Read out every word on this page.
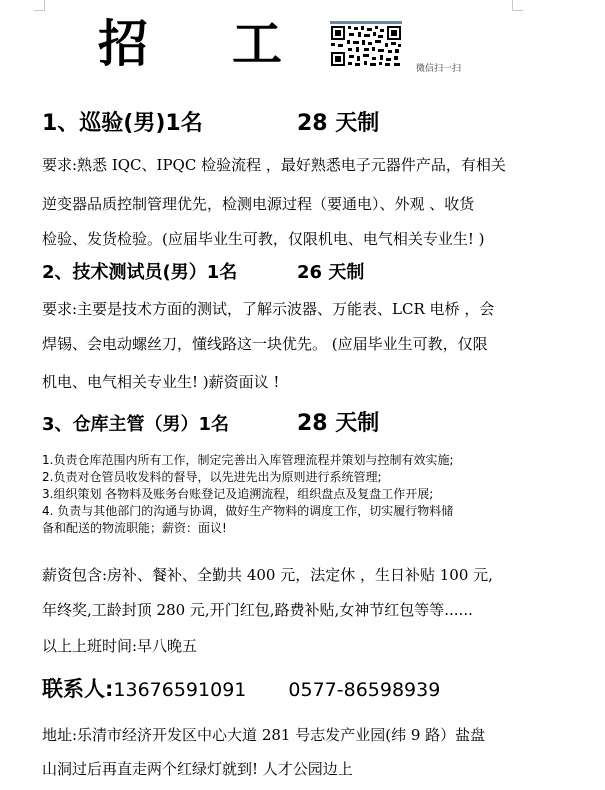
招 工	微信扫一扫
1、巡验(男)1名	28 天制
要求:熟悉 IQC、IPQC 检验流程 ，最好熟悉电子元器件产品，有相关
逆变器品质控制管理优先，检测电源过程（要通电）、外观 、收货
检验、发货检验。(应届毕业生可教，仅限机电、电气相关专业生! )
2、技术测试员(男）1名	26 天制
要求:主要是技术方面的测试，了解示波器、万能表、LCR 电桥 ，会
焊锡、会电动螺丝刀，懂线路这一块优先。 (应届毕业生可教，仅限
机电、电气相关专业生! )薪资面议 !
3、仓库主管（男）1名	28 天制
1.负责仓库范围内所有工作，制定完善出入库管理流程并策划与控制有效实施;
2.负责对仓管员收发料的督导，以先进先出为原则进行系统管理;
3.组织策划 各物料及账务台账登记及追溯流程，组织盘点及复盘工作开展;
4. 负责与其他部门的沟通与协调，做好生产物料的调度工作，切实履行物料储
备和配送的物流职能；薪资：面议!
薪资包含:房补、餐补、全勤共 400 元，法定休 ，生日补贴 100 元,
年终奖,工龄封顶 280 元,开门红包,路费补贴,女神节红包等等......
以上上班时间:早八晚五
联系人:13676591091 0577-86598939
地址:乐清市经济开发区中心大道 281 号志发产业园(纬 9 路）盐盘
山洞过后再直走两个红绿灯就到! 人才公园边上
